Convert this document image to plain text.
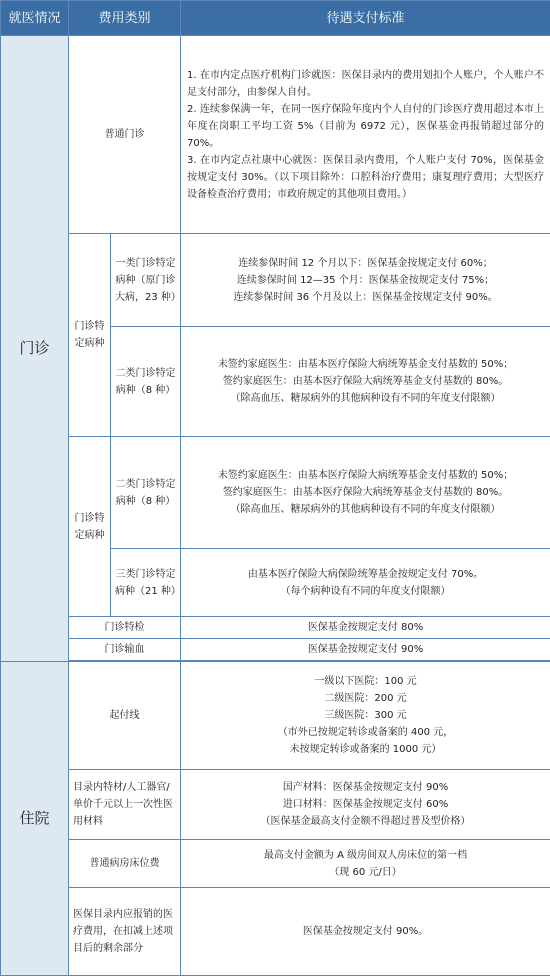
就医情况	费用类别		待遇支付标准
门诊	普通门诊		1. 在市内定点医疗机构门诊就医：医保目录内的费用划扣个人账户，个人账户不足支付部分，由参保人自付。
2. 连续参保满一年，在同一医疗保险年度内个人自付的门诊医疗费用超过本市上年度在岗职工平均工资 5%（目前为 6972 元），医保基金再报销超过部分的 70%。
3. 在市内定点社康中心就医：医保目录内费用，个人账户支付 70%，医保基金按规定支付 30%。（以下项目除外：口腔科治疗费用；康复理疗费用；大型医疗设备检查治疗费用；市政府规定的其他项目费用。）

	门诊特定病种	一类门诊特定病种（原门诊大病，23 种）	连续参保时间 12 个月以下：医保基金按规定支付 60%；
连续参保时间 12—35 个月：医保基金按规定支付 75%；
连续参保时间 36 个月及以上：医保基金按规定支付 90%。

		二类门诊特定病种（8 种）	未签约家庭医生：由基本医疗保险大病统筹基金支付基数的 50%；
签约家庭医生：由基本医疗保险大病统筹基金支付基数的 80%。
（除高血压、糖尿病外的其他病种设有不同的年度支付限额）

	门诊特定病种	二类门诊特定病种（8 种）	未签约家庭医生：由基本医疗保险大病统筹基金支付基数的 50%；
签约家庭医生：由基本医疗保险大病统筹基金支付基数的 80%。
（除高血压、糖尿病外的其他病种设有不同的年度支付限额）

		三类门诊特定病种（21 种）	由基本医疗保险大病保险统筹基金按规定支付 70%。
（每个病种设有不同的年度支付限额）

	门诊特检		医保基金按规定支付 80%
	门诊输血		医保基金按规定支付 90%

住院	起付线		一级以下医院：100 元
二级医院：200 元
三级医院：300 元
（市外已按规定转诊或备案的 400 元，
未按规定转诊或备案的 1000 元）

	目录内特材/人工器官/单价千元以上一次性医用材料		国产材料：医保基金按规定支付 90%
进口材料：医保基金按规定支付 60%
（医保基金最高支付金额不得超过普及型价格）

	普通病房床位费		最高支付金额为 A 级房间双人房床位的第一档
（现 60 元/日）

	医保目录内应报销的医疗费用，在扣减上述项目后的剩余部分		医保基金按规定支付 90%。
